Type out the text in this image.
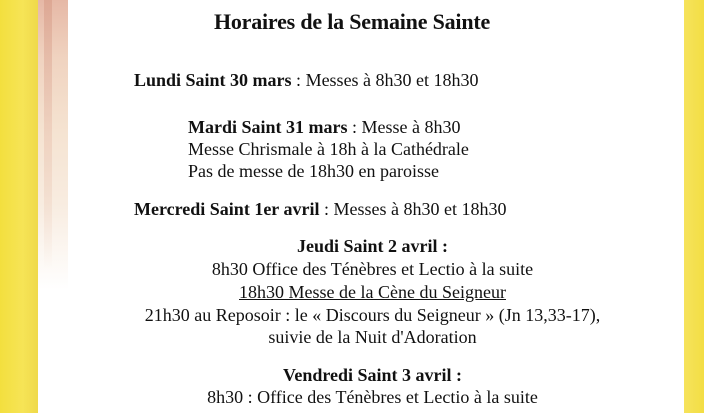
Horaires de la Semaine Sainte
Lundi Saint 30 mars : Messes à 8h30 et 18h30
Mardi Saint 31 mars : Messe à 8h30
Messe Chrismale à 18h à la Cathédrale
Pas de messe de 18h30 en paroisse
Mercredi Saint 1er avril : Messes à 8h30 et 18h30
Jeudi Saint 2 avril :
8h30 Office des Ténèbres et Lectio à la suite
18h30 Messe de la Cène du Seigneur
21h30 au Reposoir : le « Discours du Seigneur » (Jn 13,33-17),
suivie de la Nuit d'Adoration
Vendredi Saint 3 avril :
8h30 : Office des Ténèbres et Lectio à la suite
